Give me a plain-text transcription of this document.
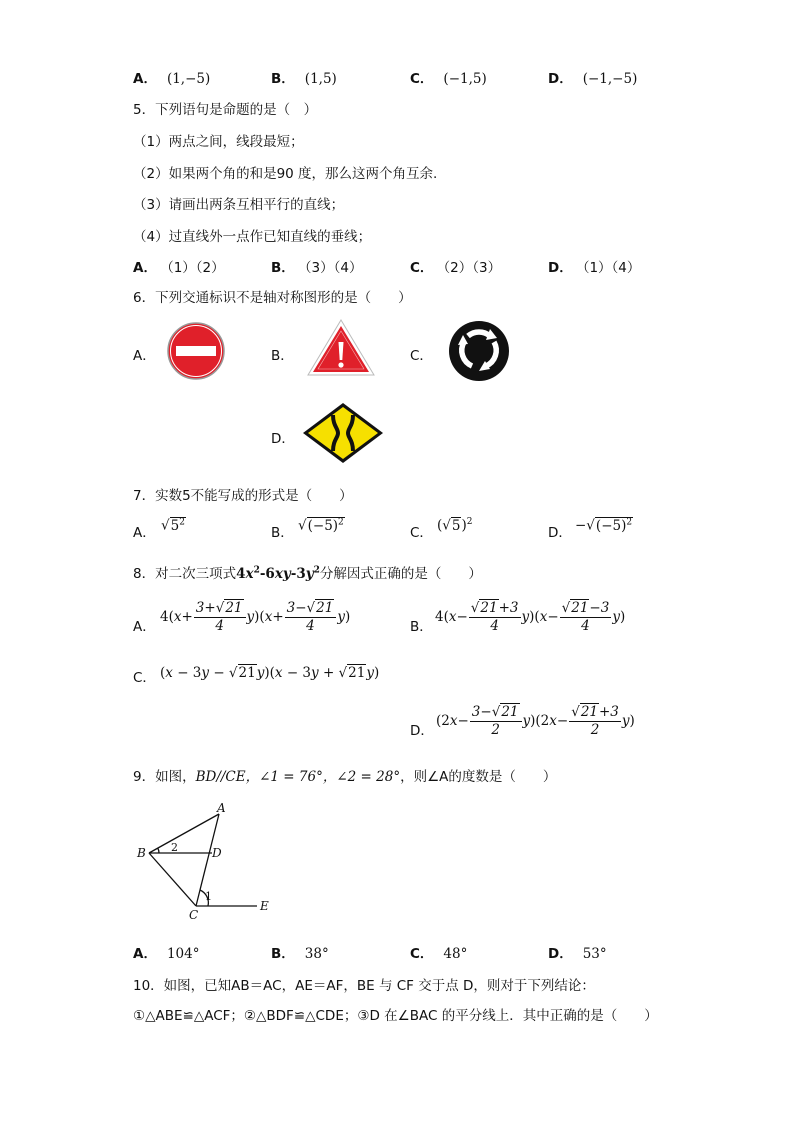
A． (1,−5)	B． (1,5)	C． (−1,5)	D． (−1,−5)
5．下列语句是命题的是（　）
（1）两点之间，线段最短；
（2）如果两个角的和是90 度，那么这两个角互余.
（3）请画出两条互相平行的直线；
（4）过直线外一点作已知直线的垂线；
A． （1）（2）	B． （3）（4）	C． （2）（3）	D． （1）（4）
6．下列交通标识不是轴对称图形的是（　　）
A．	B．	C．
D．
7．实数5不能写成的形式是（　　）
A． $√5^2$
B． $√(-5)^2$
C． $(√5)^2$
D． $-√(-5)^2$
8．对二次三项式$4x^2-6xy-3y^2$分解因式正确的是（　　）
A．
$4(x+ \frac{3+√21}{4} y)(x+ \frac{3-√21}{4} y)$
B．
$4(x- \frac{√21+3}{4} y)(x- \frac{√21-3}{4} y)$
C． (x − 3y − √21y)(x − 3y + √21y)
D．
$(2x- \frac{3-√21}{2} y)(2x- \frac{√21+3}{2} y)$
9．如图，BD//CE，∠1 = 76°，∠2 = 28°，则∠A的度数是（　　）
A
B	D
C
E
1
2
A． 104°	B． 38°	C． 48°	D． 53°
10．如图，已知AB＝AC，AE＝AF，BE 与 CF 交于点 D，则对于下列结论：
①△ABE≌△ACF；②△BDF≌△CDE；③D 在∠BAC 的平分线上．其中正确的是（　　）
